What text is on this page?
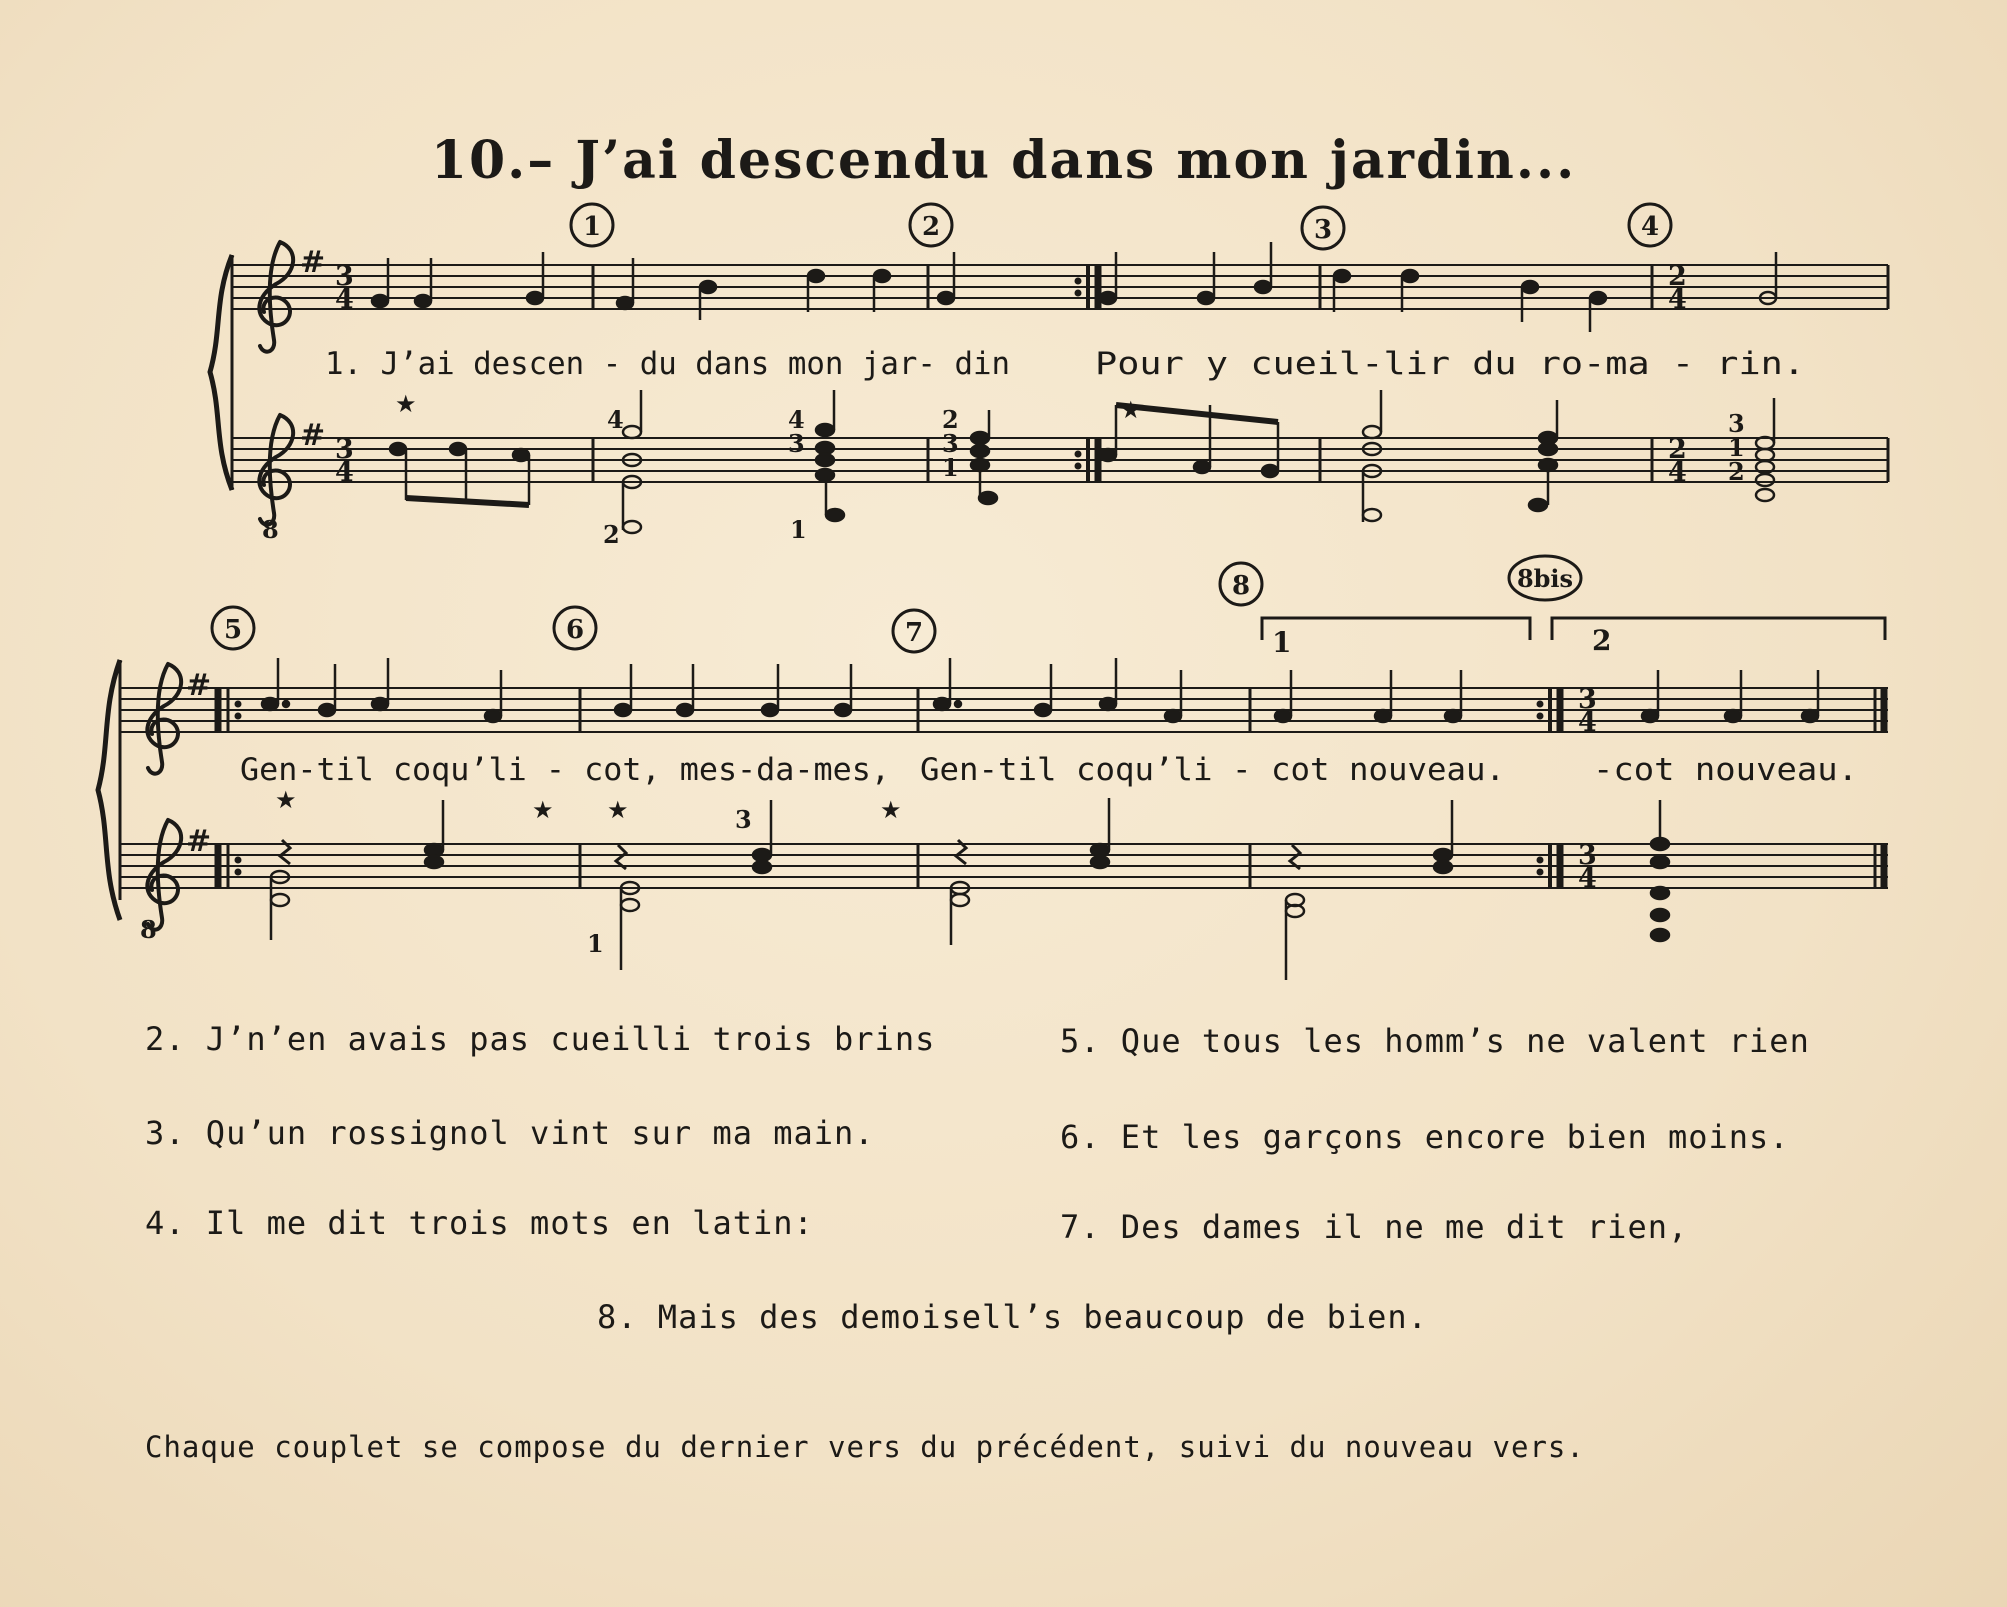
10.– J’ai descendu dans mon jardin...
#
#
3
4
3
4
8
2
4
2
4
1	2	3	4
★	★
4
2
4
3
1
2
3
1
3
1
2
1. J’ai descen - du dans mon jar- din	Pour y cueil-lir du ro-ma - rin.
#
#
8
3
4
3
4
5	6	7
8	8bis
1	2
★	★ ★	★
3
1
Gen-til coqu’li - cot, mes-da-mes, Gen-til coqu’li - cot nouveau.	-cot nouveau.
2. J’n’en avais pas cueilli trois brins
3. Qu’un rossignol vint sur ma main.
4. Il me dit trois mots en latin:
5. Que tous les homm’s ne valent rien
6. Et les garçons encore bien moins.
7. Des dames il ne me dit rien,
8. Mais des demoisell’s beaucoup de bien.
Chaque couplet se compose du dernier vers du précédent, suivi du nouveau vers.
